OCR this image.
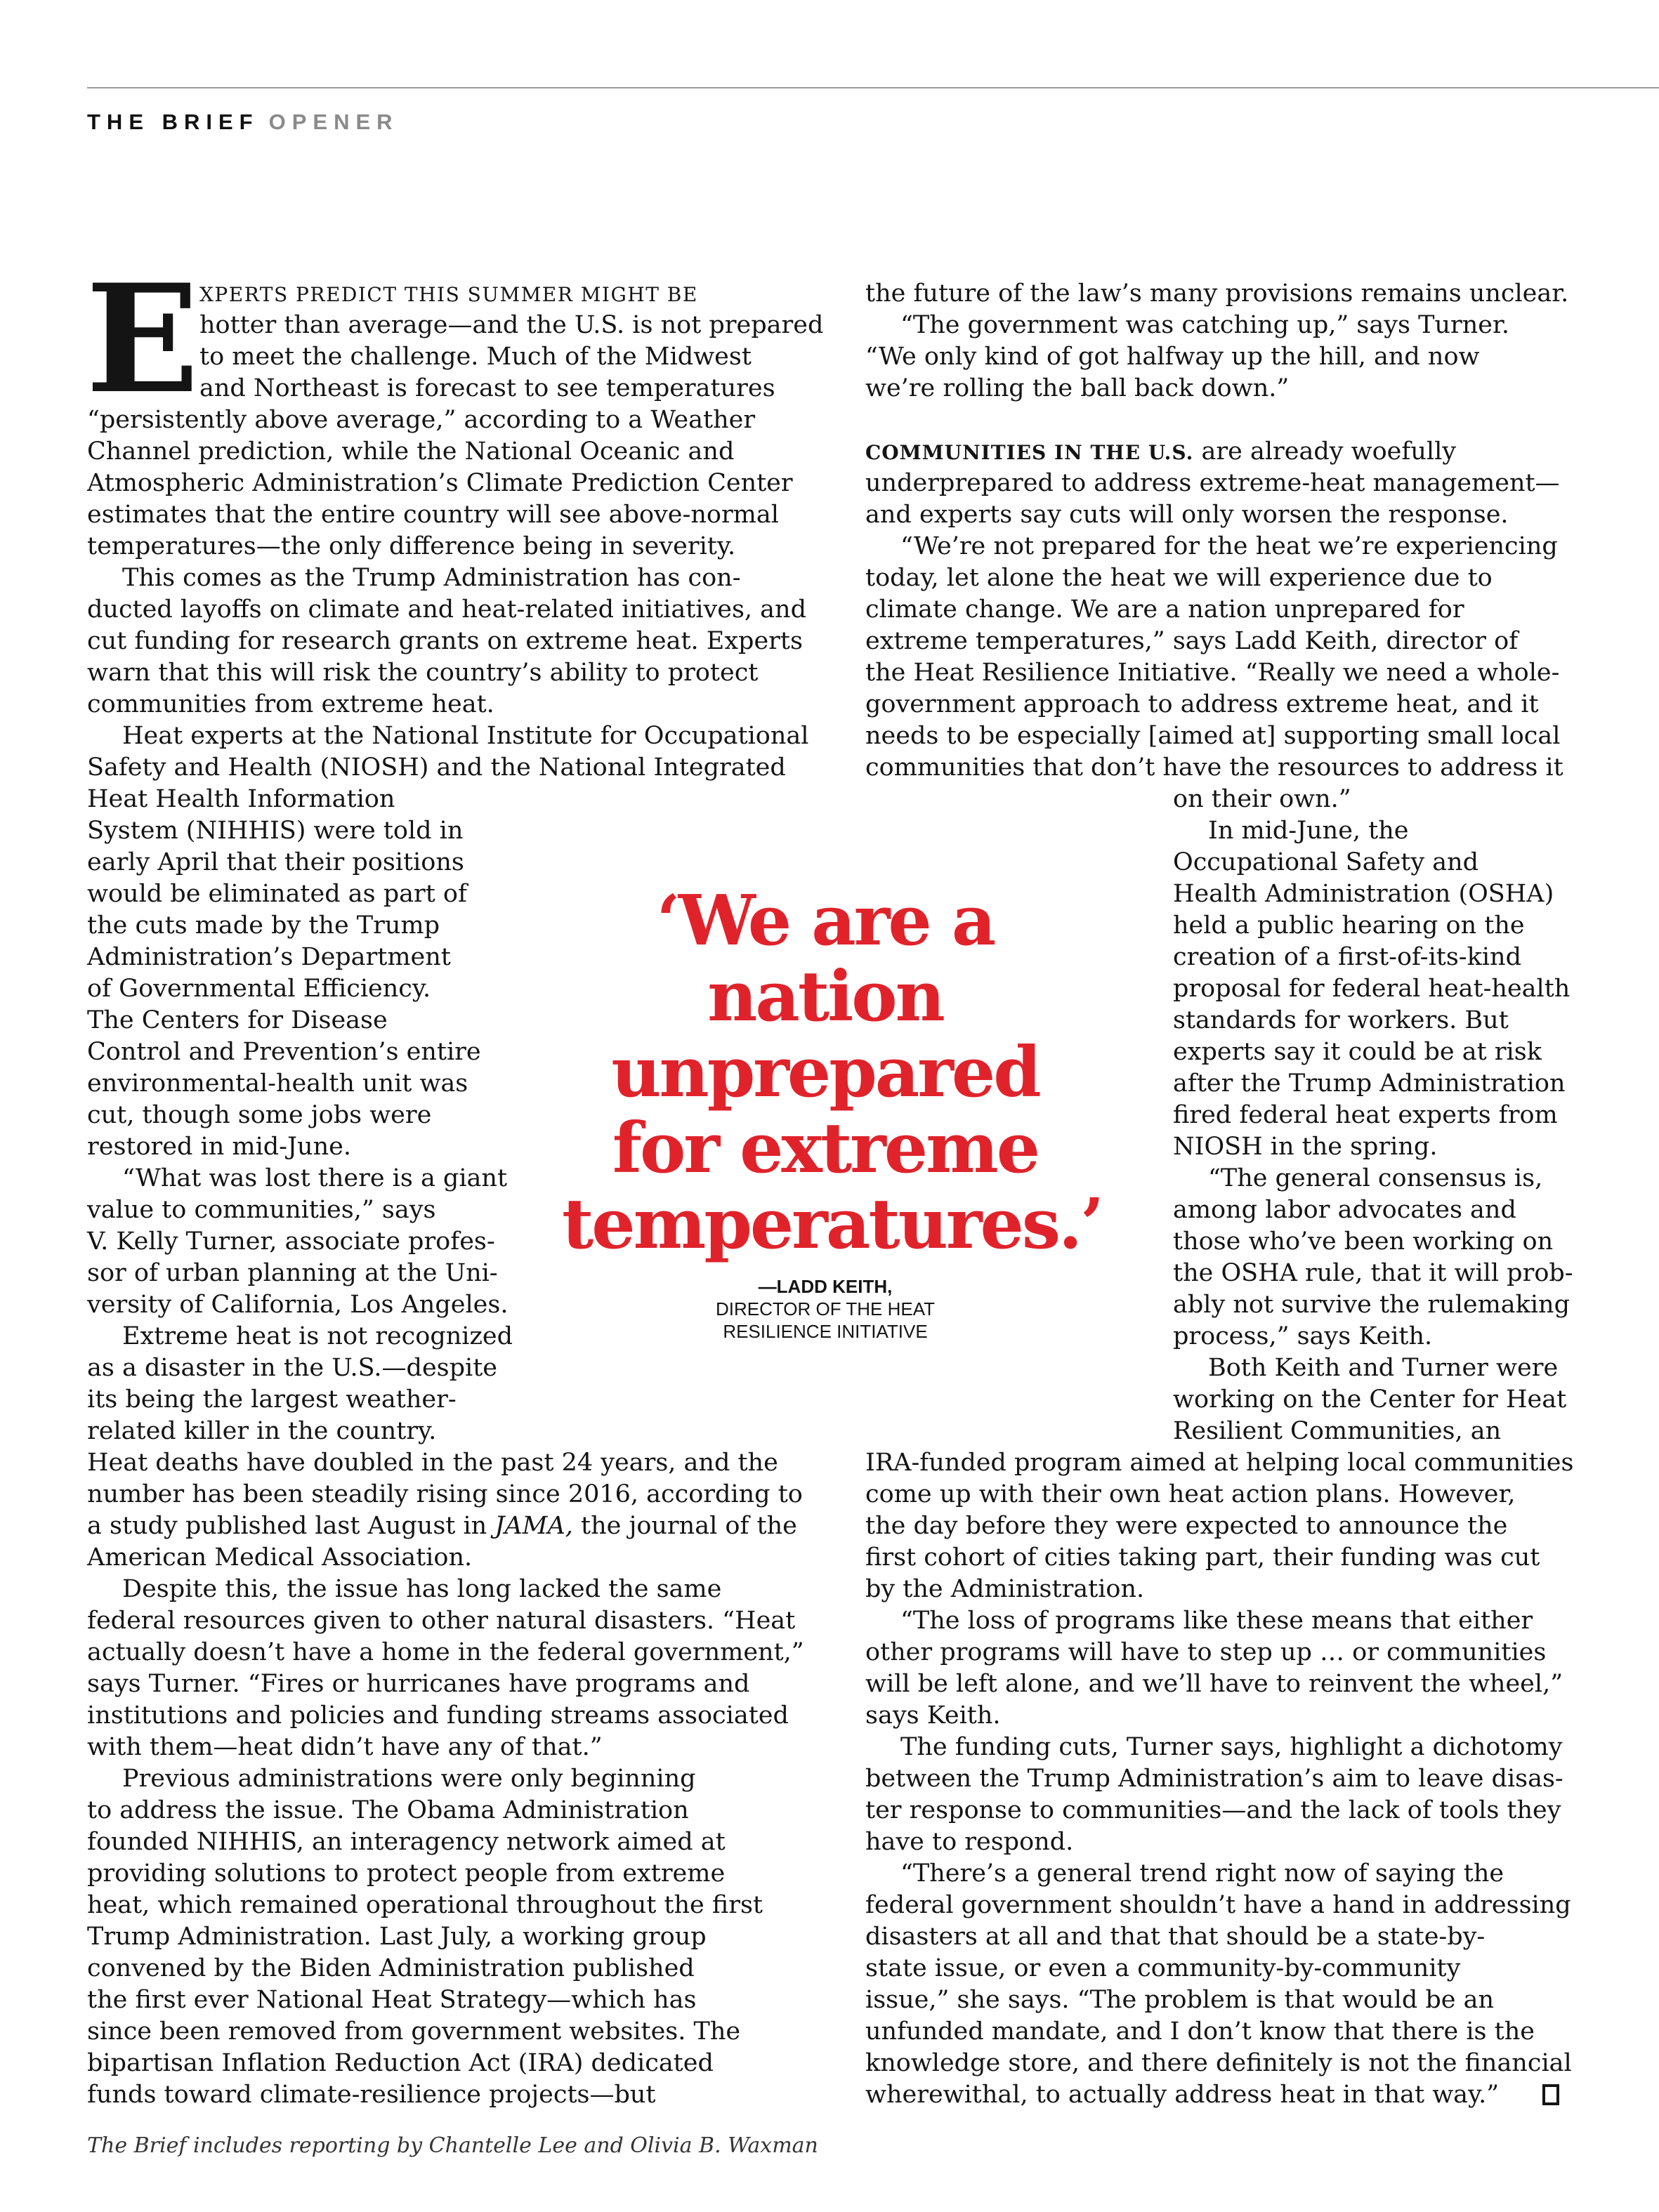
THE BRIEF OPENER
E XPERTS PREDICT THIS SUMMER MIGHT BE
hotter than average—and the U.S. is not prepared
to meet the challenge. Much of the Midwest
and Northeast is forecast to see temperatures
“persistently above average,” according to a Weather
Channel prediction, while the National Oceanic and
Atmospheric Administration’s Climate Prediction Center
estimates that the entire country will see above-normal
temperatures—the only difference being in severity.
This comes as the Trump Administration has con-
ducted layoffs on climate and heat-related initiatives, and
cut funding for research grants on extreme heat. Experts
warn that this will risk the country’s ability to protect
communities from extreme heat.
Heat experts at the National Institute for Occupational
Safety and Health (NIOSH) and the National Integrated
Heat Health Information
System (NIHHIS) were told in
early April that their positions
would be eliminated as part of
the cuts made by the Trump
Administration’s Department
of Governmental Efficiency.
The Centers for Disease
Control and Prevention’s entire
environmental-health unit was
cut, though some jobs were
restored in mid-June.
“What was lost there is a giant
value to communities,” says
V. Kelly Turner, associate profes-
sor of urban planning at the Uni-
versity of California, Los Angeles.
Extreme heat is not recognized
as a disaster in the U.S.—despite
its being the largest weather-
related killer in the country.
Heat deaths have doubled in the past 24 years, and the
number has been steadily rising since 2016, according to
a study published last August in JAMA, the journal of the
American Medical Association.
Despite this, the issue has long lacked the same
federal resources given to other natural disasters. “Heat
actually doesn’t have a home in the federal government,”
says Turner. “Fires or hurricanes have programs and
institutions and policies and funding streams associated
with them—heat didn’t have any of that.”
Previous administrations were only beginning
to address the issue. The Obama Administration
founded NIHHIS, an interagency network aimed at
providing solutions to protect people from extreme
heat, which remained operational throughout the first
Trump Administration. Last July, a working group
convened by the Biden Administration published
the first ever National Heat Strategy—which has
since been removed from government websites. The
bipartisan Inflation Reduction Act (IRA) dedicated
funds toward climate-resilience projects—but
the future of the law’s many provisions remains unclear.
“The government was catching up,” says Turner.
“We only kind of got halfway up the hill, and now
we’re rolling the ball back down.”
COMMUNITIES IN THE U.S. are already woefully
underprepared to address extreme-heat management—
and experts say cuts will only worsen the response.
“We’re not prepared for the heat we’re experiencing
today, let alone the heat we will experience due to
climate change. We are a nation unprepared for
extreme temperatures,” says Ladd Keith, director of
the Heat Resilience Initiative. “Really we need a whole-
government approach to address extreme heat, and it
needs to be especially [aimed at] supporting small local
communities that don’t have the resources to address it
on their own.”
In mid-June, the
Occupational Safety and
Health Administration (OSHA)
held a public hearing on the
creation of a first-of-its-kind
proposal for federal heat-health
standards for workers. But
experts say it could be at risk
after the Trump Administration
fired federal heat experts from
NIOSH in the spring.
“The general consensus is,
among labor advocates and
those who’ve been working on
the OSHA rule, that it will prob-
ably not survive the rulemaking
process,” says Keith.
Both Keith and Turner were
working on the Center for Heat
Resilient Communities, an
IRA-funded program aimed at helping local communities
come up with their own heat action plans. However,
the day before they were expected to announce the
first cohort of cities taking part, their funding was cut
by the Administration.
“The loss of programs like these means that either
other programs will have to step up … or communities
will be left alone, and we’ll have to reinvent the wheel,”
says Keith.
The funding cuts, Turner says, highlight a dichotomy
between the Trump Administration’s aim to leave disas-
ter response to communities—and the lack of tools they
have to respond.
“There’s a general trend right now of saying the
federal government shouldn’t have a hand in addressing
disasters at all and that that should be a state-by-
state issue, or even a community-by-community
issue,” she says. “The problem is that would be an
unfunded mandate, and I don’t know that there is the
knowledge store, and there definitely is not the financial
wherewithal, to actually address heat in that way.”
‘We are a
nation
unprepared
for extreme
temperatures.’
—LADD KEITH,
DIRECTOR OF THE HEAT
RESILIENCE INITIATIVE
The Brief includes reporting by Chantelle Lee and Olivia B. Waxman
